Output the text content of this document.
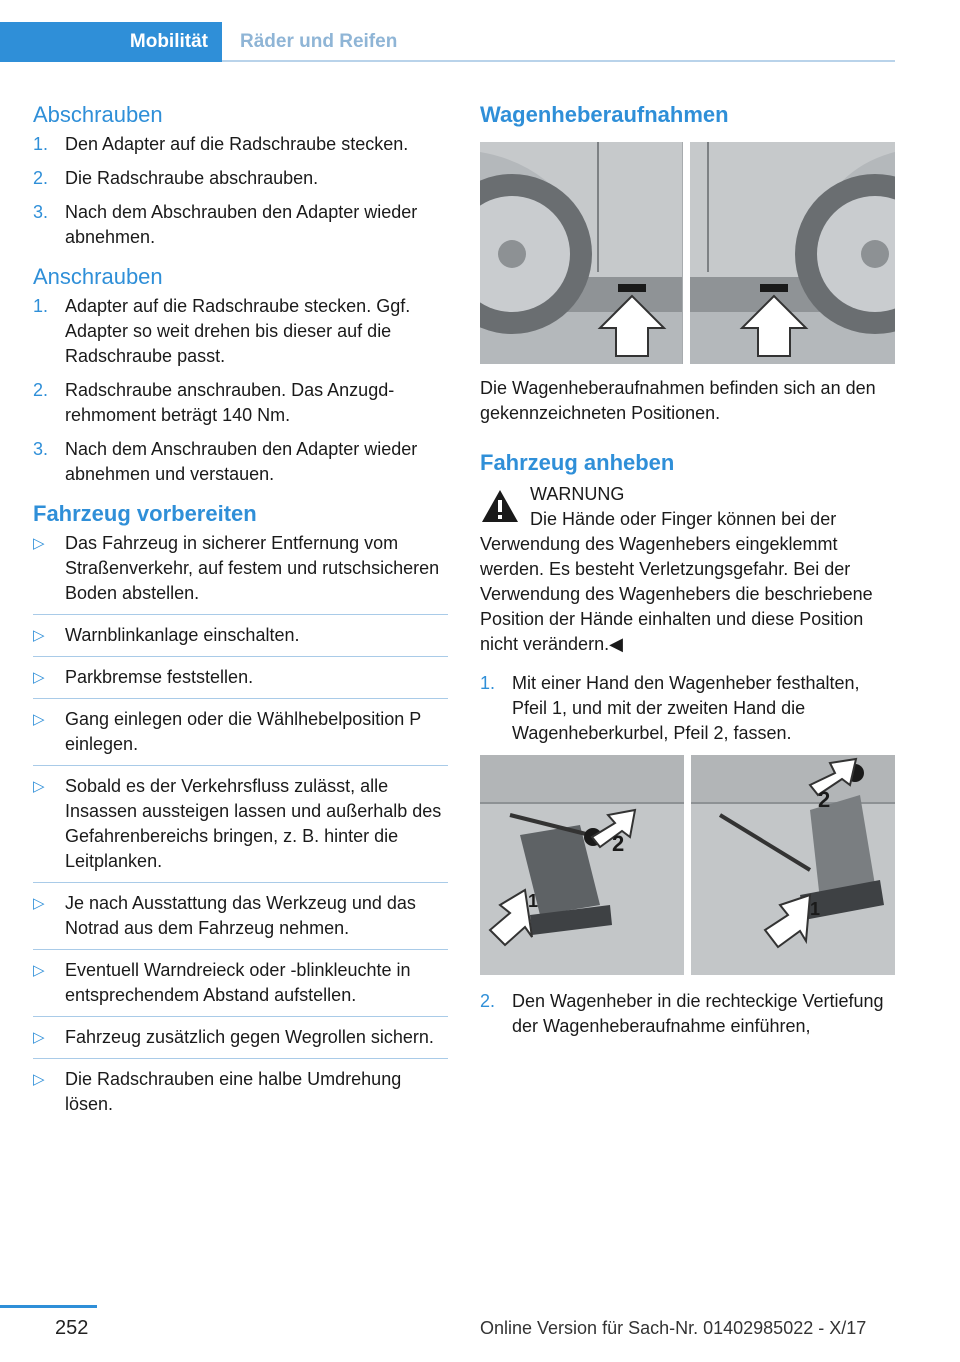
Mobilität	Räder und Reifen
Abschrauben
1. Den Adapter auf die Radschraube stecken.
2. Die Radschraube abschrauben.
3. Nach dem Abschrauben den Adapter wieder abnehmen.
Anschrauben
1. Adapter auf die Radschraube stecken. Ggf. Adapter so weit drehen bis dieser auf die Radschraube passt.
2. Radschraube anschrauben. Das Anzugdrehmoment beträgt 140 Nm.
3. Nach dem Anschrauben den Adapter wieder abnehmen und verstauen.
Fahrzeug vorbereiten
▷ Das Fahrzeug in sicherer Entfernung vom Straßenverkehr, auf festem und rutschsicheren Boden abstellen.
▷ Warnblinkanlage einschalten.
▷ Parkbremse feststellen.
▷ Gang einlegen oder die Wählhebelposition P einlegen.
▷ Sobald es der Verkehrsfluss zulässt, alle Insassen aussteigen lassen und außerhalb des Gefahrenbereichs bringen, z. B. hinter die Leitplanken.
▷ Je nach Ausstattung das Werkzeug und das Notrad aus dem Fahrzeug nehmen.
▷ Eventuell Warndreieck oder -blinkleuchte in entsprechendem Abstand aufstellen.
▷ Fahrzeug zusätzlich gegen Wegrollen sichern.
▷ Die Radschrauben eine halbe Umdrehung lösen.
Wagenheberaufnahmen

Die Wagenheberaufnahmen befinden sich an den gekennzeichneten Positionen.

Fahrzeug anheben
WARNUNG
Die Hände oder Finger können bei der Verwendung des Wagenhebers eingeklemmt werden. Es besteht Verletzungsgefahr. Bei der Verwendung des Wagenhebers die beschriebene Position der Hände einhalten und diese Position nicht verändern.◀
1. Mit einer Hand den Wagenheber festhalten, Pfeil 1, und mit der zweiten Hand die Wagenheberkurbel, Pfeil 2, fassen.
2
1
2
1
2. Den Wagenheber in die rechteckige Vertiefung der Wagenheberaufnahme einführen,
252	Online Version für Sach-Nr. 01402985022 - X/17
